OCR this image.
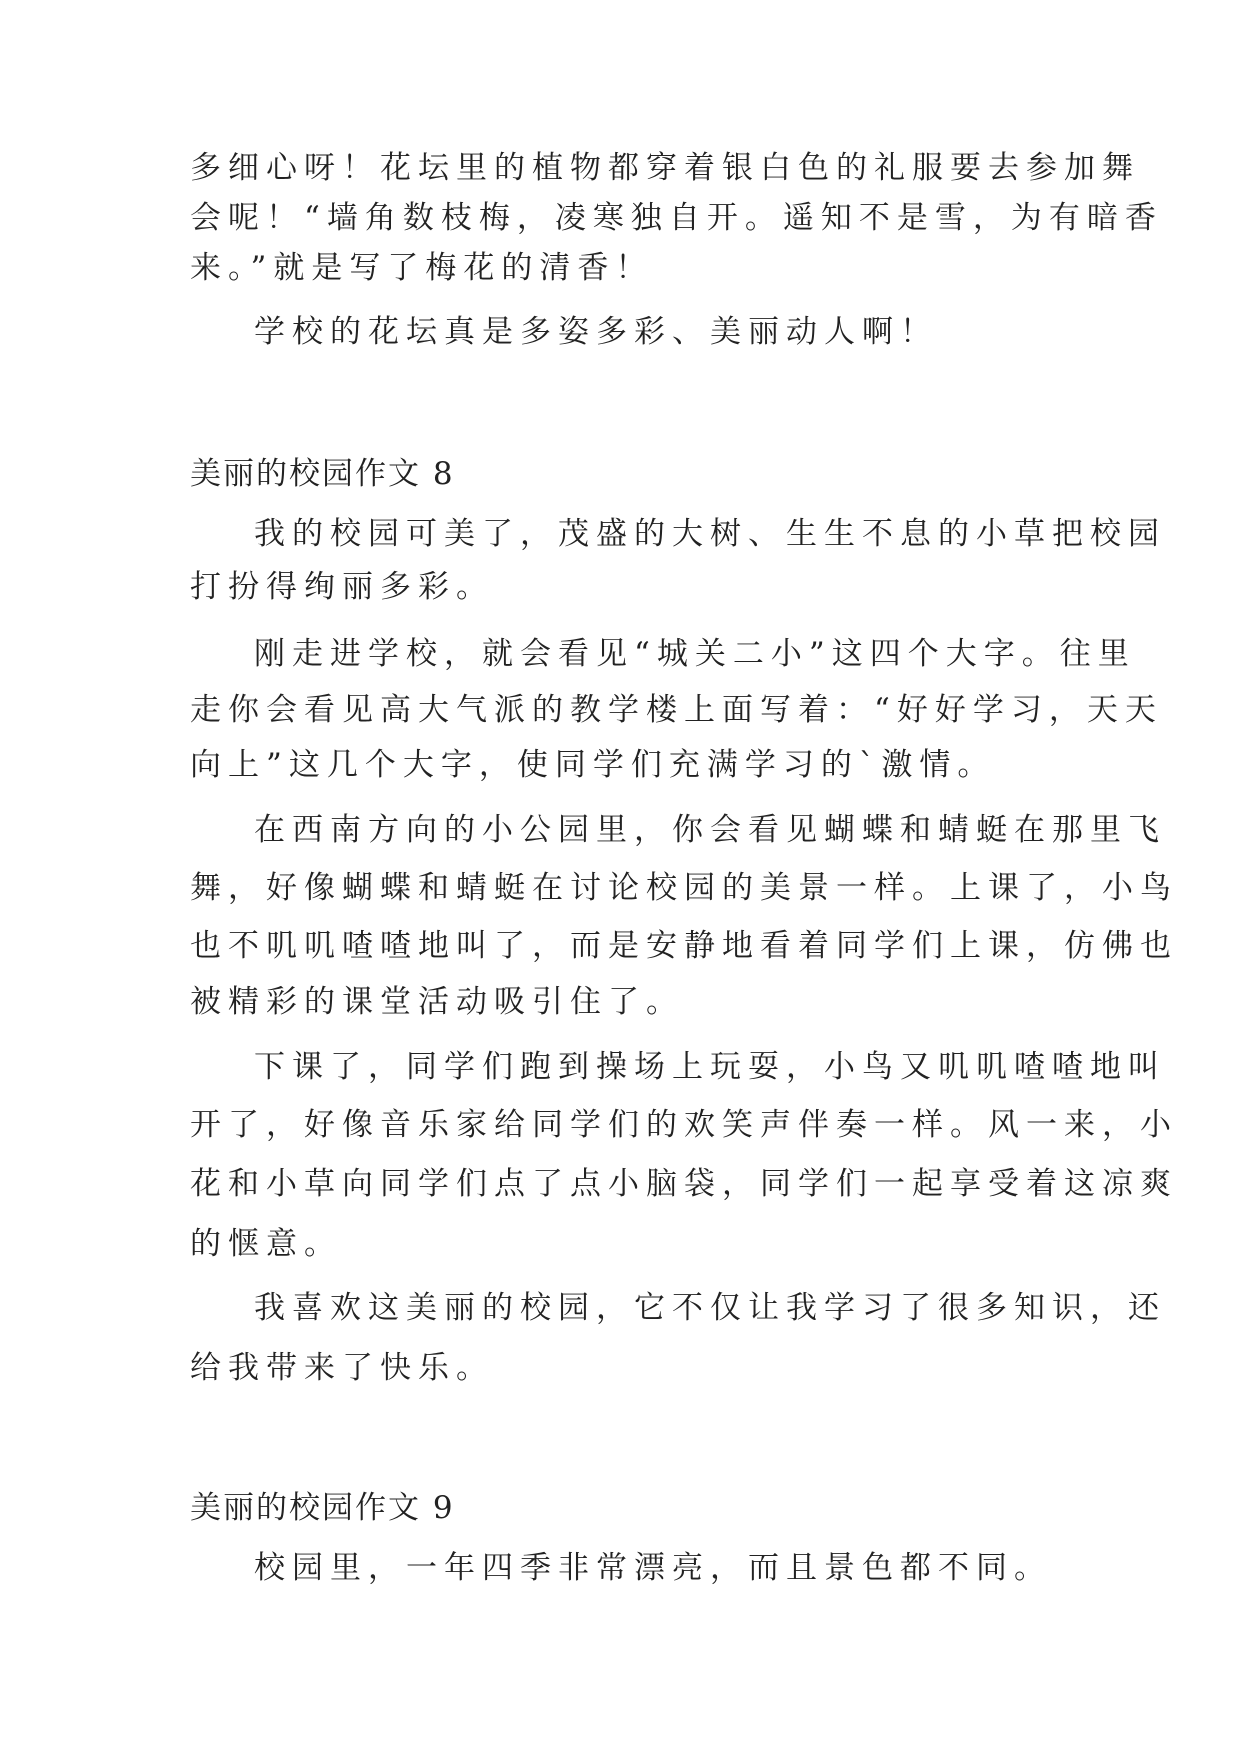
多细心呀！花坛里的植物都穿着银白色的礼服要去参加舞
会呢！“墙角数枝梅，凌寒独自开。遥知不是雪，为有暗香
来。”就是写了梅花的清香！
学校的花坛真是多姿多彩、美丽动人啊！
美丽的校园作文 8
我的校园可美了，茂盛的大树、生生不息的小草把校园
打扮得绚丽多彩。
刚走进学校，就会看见“城关二小”这四个大字。往里
走你会看见高大气派的教学楼上面写着：“好好学习，天天
向上”这几个大字，使同学们充满学习的`激情。
在西南方向的小公园里，你会看见蝴蝶和蜻蜓在那里飞
舞，好像蝴蝶和蜻蜓在讨论校园的美景一样。上课了，小鸟
也不叽叽喳喳地叫了，而是安静地看着同学们上课，仿佛也
被精彩的课堂活动吸引住了。
下课了，同学们跑到操场上玩耍，小鸟又叽叽喳喳地叫
开了，好像音乐家给同学们的欢笑声伴奏一样。风一来，小
花和小草向同学们点了点小脑袋，同学们一起享受着这凉爽
的惬意。
我喜欢这美丽的校园，它不仅让我学习了很多知识，还
给我带来了快乐。
美丽的校园作文 9
校园里，一年四季非常漂亮，而且景色都不同。
